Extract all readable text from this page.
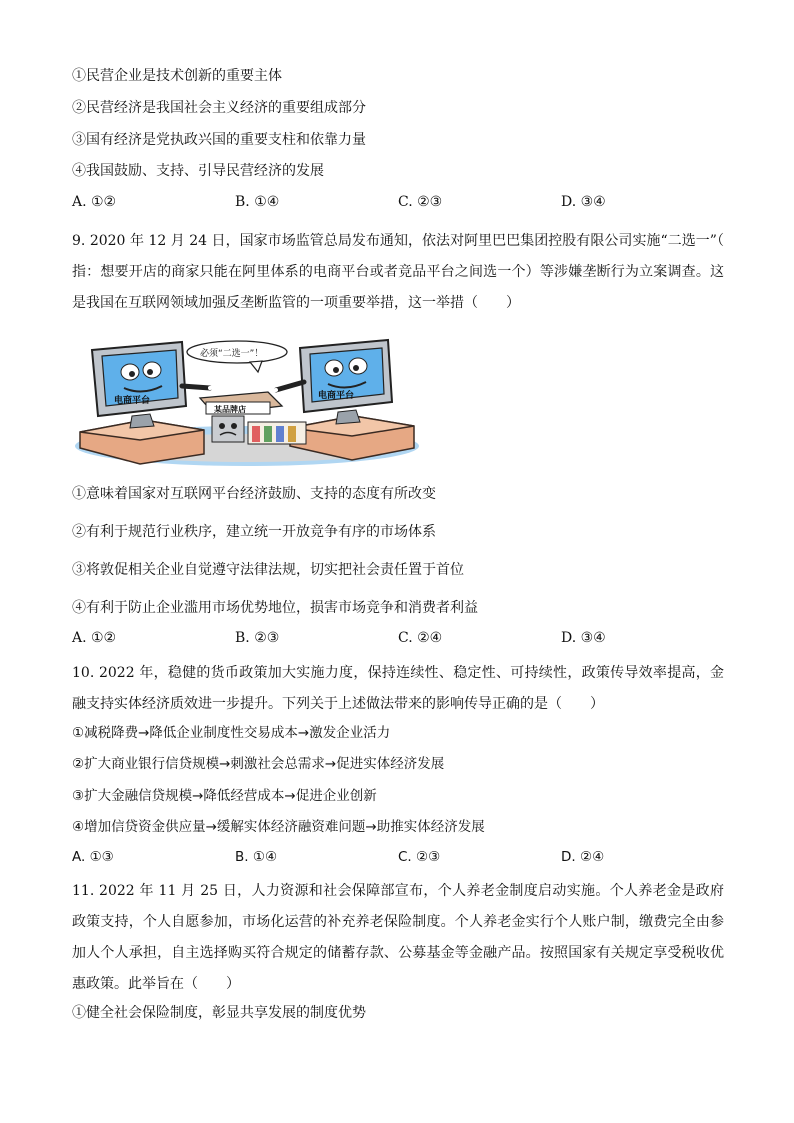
①民营企业是技术创新的重要主体
②民营经济是我国社会主义经济的重要组成部分
③国有经济是党执政兴国的重要支柱和依靠力量
④我国鼓励、支持、引导民营经济的发展
A. ①②	B. ①④	C. ②③	D. ③④
9. 2020 年 12 月 24 日，国家市场监管总局发布通知，依法对阿里巴巴集团控股有限公司实施“二选一”（ 指：想要开店的商家只能在阿里体系的电商平台或者竞品平台之间选一个）等涉嫌垄断行为立案调查。这是我国在互联网领域加强反垄断监管的一项重要举措，这一举措（　　）
电商平台
必须“二选一”！
电商平台
某品牌店
①意味着国家对互联网平台经济鼓励、支持的态度有所改变
②有利于规范行业秩序，建立统一开放竞争有序的市场体系
③将敦促相关企业自觉遵守法律法规，切实把社会责任置于首位
④有利于防止企业滥用市场优势地位，损害市场竞争和消费者利益
A. ①②	B. ②③	C. ②④	D. ③④
10. 2022 年，稳健的货币政策加大实施力度，保持连续性、稳定性、可持续性，政策传导效率提高，金融支持实体经济质效进一步提升。下列关于上述做法带来的影响传导正确的是（　　）
①减税降费→降低企业制度性交易成本→激发企业活力
②扩大商业银行信贷规模→刺激社会总需求→促进实体经济发展
③扩大金融信贷规模→降低经营成本→促进企业创新
④增加信贷资金供应量→缓解实体经济融资难问题→助推实体经济发展
A. ①③	B. ①④	C. ②③	D. ②④
11. 2022 年 11 月 25 日，人力资源和社会保障部宣布，个人养老金制度启动实施。个人养老金是政府政策支持，个人自愿参加，市场化运营的补充养老保险制度。个人养老金实行个人账户制，缴费完全由参加人个人承担，自主选择购买符合规定的储蓄存款、公募基金等金融产品。按照国家有关规定享受税收优惠政策。此举旨在（　　）
①健全社会保险制度，彰显共享发展的制度优势
